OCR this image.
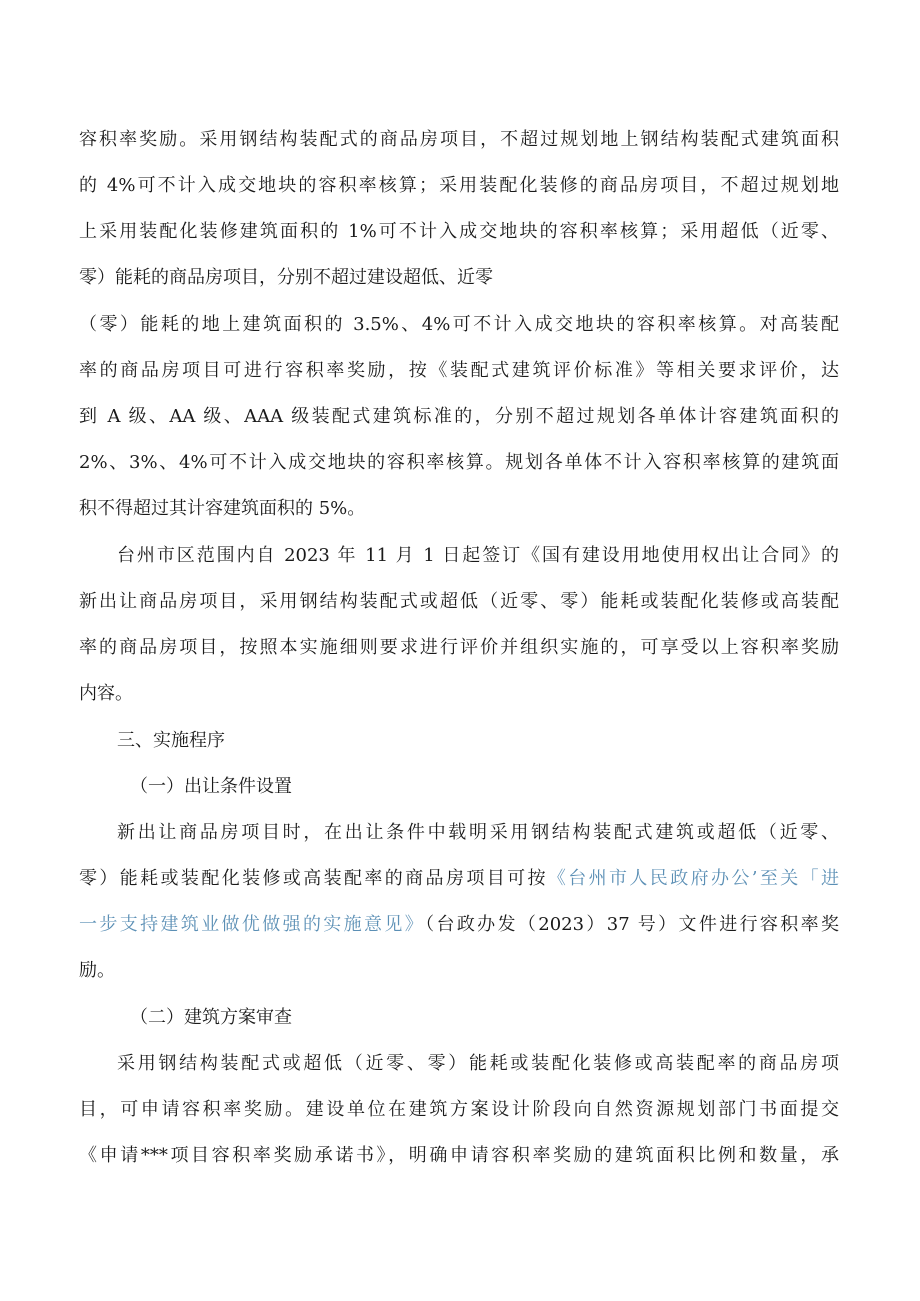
容积率奖励。采用钢结构装配式的商品房项目，不超过规划地上钢结构装配式建筑面积
的 4%可不计入成交地块的容积率核算；采用装配化装修的商品房项目，不超过规划地
上采用装配化装修建筑面积的 1%可不计入成交地块的容积率核算；采用超低（近零、
零）能耗的商品房项目，分别不超过建设超低、近零
（零）能耗的地上建筑面积的 3.5%、4%可不计入成交地块的容积率核算。对高装配
率的商品房项目可进行容积率奖励，按《装配式建筑评价标准》等相关要求评价，达
到 A 级、AA 级、AAA 级装配式建筑标准的，分别不超过规划各单体计容建筑面积的
2%、3%、4%可不计入成交地块的容积率核算。规划各单体不计入容积率核算的建筑面
积不得超过其计容建筑面积的 5%。
台州市区范围内自 2023 年 11 月 1 日起签订《国有建设用地使用权出让合同》的
新出让商品房项目，采用钢结构装配式或超低（近零、零）能耗或装配化装修或高装配
率的商品房项目，按照本实施细则要求进行评价并组织实施的，可享受以上容积率奖励
内容。
三、实施程序
（一）出让条件设置
新出让商品房项目时，在出让条件中载明采用钢结构装配式建筑或超低（近零、
零）能耗或装配化装修或高装配率的商品房项目可按《台州市人民政府办公’至关「进
一步支持建筑业做优做强的实施意见》（台政办发（2023）37 号）文件进行容积率奖
励。
（二）建筑方案审查
采用钢结构装配式或超低（近零、零）能耗或装配化装修或高装配率的商品房项
目，可申请容积率奖励。建设单位在建筑方案设计阶段向自然资源规划部门书面提交
《申请***项目容积率奖励承诺书》，明确申请容积率奖励的建筑面积比例和数量，承
